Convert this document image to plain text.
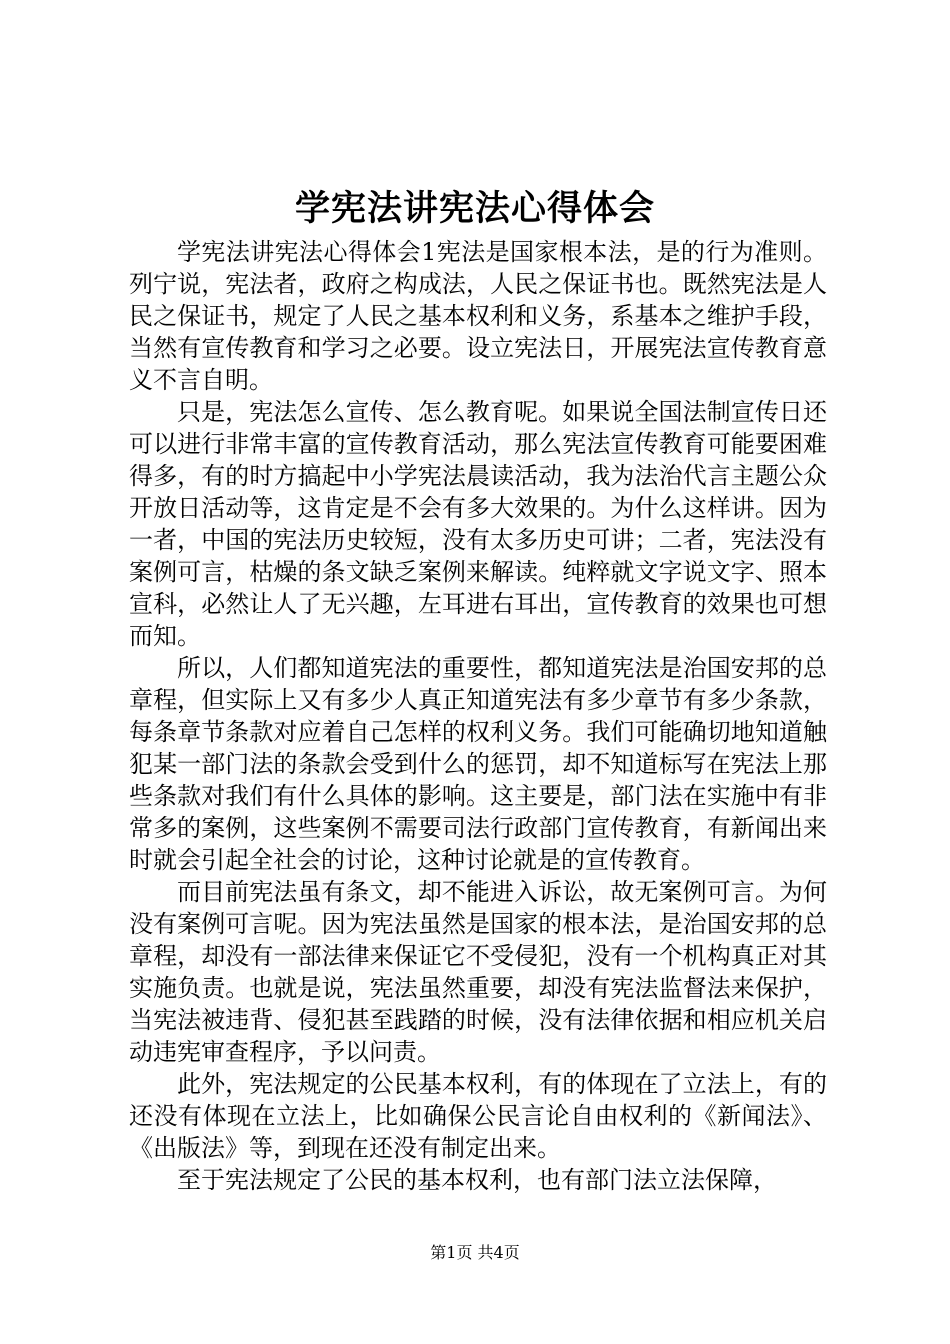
学宪法讲宪法心得体会

学宪法讲宪法心得体会1宪法是国家根本法，是的行为准则。列宁说，宪法者，政府之构成法，人民之保证书也。既然宪法是人民之保证书，规定了人民之基本权利和义务，系基本之维护手段，当然有宣传教育和学习之必要。设立宪法日，开展宪法宣传教育意义不言自明。

只是，宪法怎么宣传、怎么教育呢。如果说全国法制宣传日还可以进行非常丰富的宣传教育活动，那么宪法宣传教育可能要困难得多，有的时方搞起中小学宪法晨读活动，我为法治代言主题公众开放日活动等，这肯定是不会有多大效果的。为什么这样讲。因为一者，中国的宪法历史较短，没有太多历史可讲；二者，宪法没有案例可言，枯燥的条文缺乏案例来解读。纯粹就文字说文字、照本宣科，必然让人了无兴趣，左耳进右耳出，宣传教育的效果也可想而知。

所以，人们都知道宪法的重要性，都知道宪法是治国安邦的总章程，但实际上又有多少人真正知道宪法有多少章节有多少条款，每条章节条款对应着自己怎样的权利义务。我们可能确切地知道触犯某一部门法的条款会受到什么的惩罚，却不知道标写在宪法上那些条款对我们有什么具体的影响。这主要是，部门法在实施中有非常多的案例，这些案例不需要司法行政部门宣传教育，有新闻出来时就会引起全社会的讨论，这种讨论就是的宣传教育。

而目前宪法虽有条文，却不能进入诉讼，故无案例可言。为何没有案例可言呢。因为宪法虽然是国家的根本法，是治国安邦的总章程，却没有一部法律来保证它不受侵犯，没有一个机构真正对其实施负责。也就是说，宪法虽然重要，却没有宪法监督法来保护，当宪法被违背、侵犯甚至践踏的时候，没有法律依据和相应机关启动违宪审查程序，予以问责。

此外，宪法规定的公民基本权利，有的体现在了立法上，有的还没有体现在立法上，比如确保公民言论自由权利的《新闻法》、《出版法》等，到现在还没有制定出来。

至于宪法规定了公民的基本权利，也有部门法立法保障，

第1页 共4页
